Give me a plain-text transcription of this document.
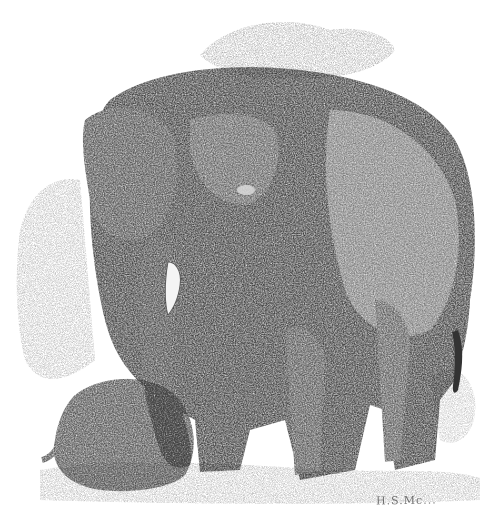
H.S.Mc...
